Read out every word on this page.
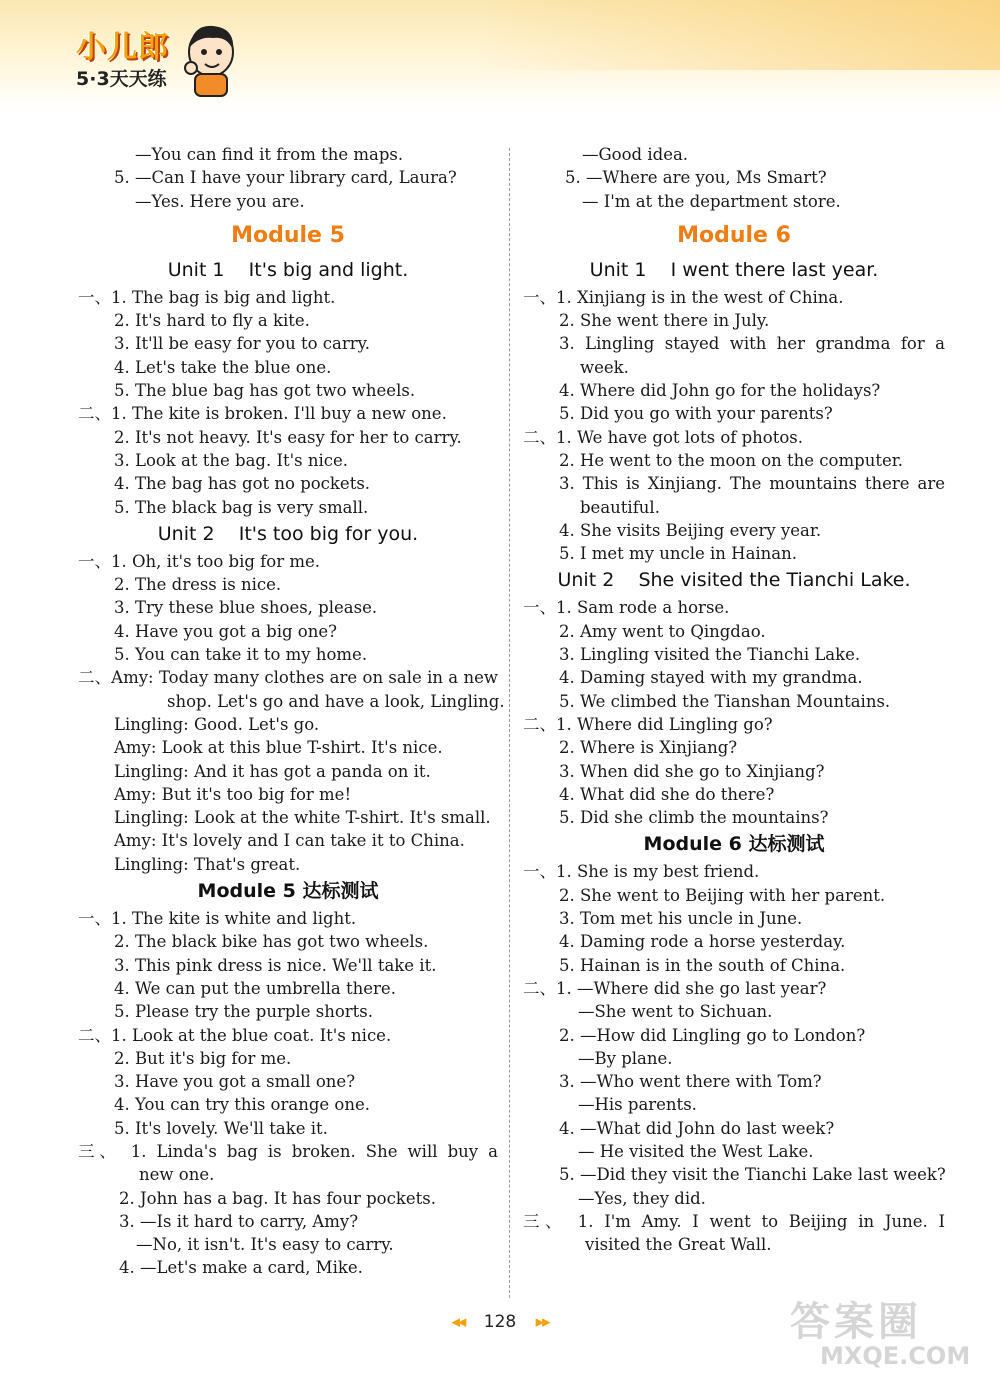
小儿郎
5·3天天练
—You can find it from the maps.
5. —Can I have your library card, Laura?
—Yes. Here you are.
Module 5
Unit 1    It's big and light.
一、1. The bag is big and light.
2. It's hard to fly a kite.
3. It'll be easy for you to carry.
4. Let's take the blue one.
5. The blue bag has got two wheels.
二、1. The kite is broken. I'll buy a new one.
2. It's not heavy. It's easy for her to carry.
3. Look at the bag. It's nice.
4. The bag has got no pockets.
5. The black bag is very small.
Unit 2    It's too big for you.
一、1. Oh, it's too big for me.
2. The dress is nice.
3. Try these blue shoes, please.
4. Have you got a big one?
5. You can take it to my home.
二、Amy: Today many clothes are on sale in a new
shop. Let's go and have a look, Lingling.
Lingling: Good. Let's go.
Amy: Look at this blue T-shirt. It's nice.
Lingling: And it has got a panda on it.
Amy: But it's too big for me!
Lingling: Look at the white T-shirt. It's small.
Amy: It's lovely and I can take it to China.
Lingling: That's great.
Module 5 达标测试
一、1. The kite is white and light.
2. The black bike has got two wheels.
3. This pink dress is nice. We'll take it.
4. We can put the umbrella there.
5. Please try the purple shorts.
二、1. Look at the blue coat. It's nice.
2. But it's big for me.
3. Have you got a small one?
4. You can try this orange one.
5. It's lovely. We'll take it.
三、 1. Linda's bag is broken. She will buy a
new one.
2. John has a bag. It has four pockets.
3. —Is it hard to carry, Amy?
—No, it isn't. It's easy to carry.
4. —Let's make a card, Mike.
—Good idea.
5. —Where are you, Ms Smart?
— I'm at the department store.
Module 6
Unit 1    I went there last year.
一、1. Xinjiang is in the west of China.
2. She went there in July.
3. Lingling stayed with her grandma for a
week.
4. Where did John go for the holidays?
5. Did you go with your parents?
二、1. We have got lots of photos.
2. He went to the moon on the computer.
3. This is Xinjiang. The mountains there are
beautiful.
4. She visits Beijing every year.
5. I met my uncle in Hainan.
Unit 2    She visited the Tianchi Lake.
一、1. Sam rode a horse.
2. Amy went to Qingdao.
3. Lingling visited the Tianchi Lake.
4. Daming stayed with my grandma.
5. We climbed the Tianshan Mountains.
二、1. Where did Lingling go?
2. Where is Xinjiang?
3. When did she go to Xinjiang?
4. What did she do there?
5. Did she climb the mountains?
Module 6 达标测试
一、1. She is my best friend.
2. She went to Beijing with her parent.
3. Tom met his uncle in June.
4. Daming rode a horse yesterday.
5. Hainan is in the south of China.
二、1. —Where did she go last year?
—She went to Sichuan.
2. —How did Lingling go to London?
—By plane.
3. —Who went there with Tom?
—His parents.
4. —What did John do last week?
— He visited the West Lake.
5. —Did they visit the Tianchi Lake last week?
—Yes, they did.
三、 1. I'm Amy. I went to Beijing in June. I
visited the Great Wall.
◀◀ 128 ▶▶	答案圈
MXQE.COM
